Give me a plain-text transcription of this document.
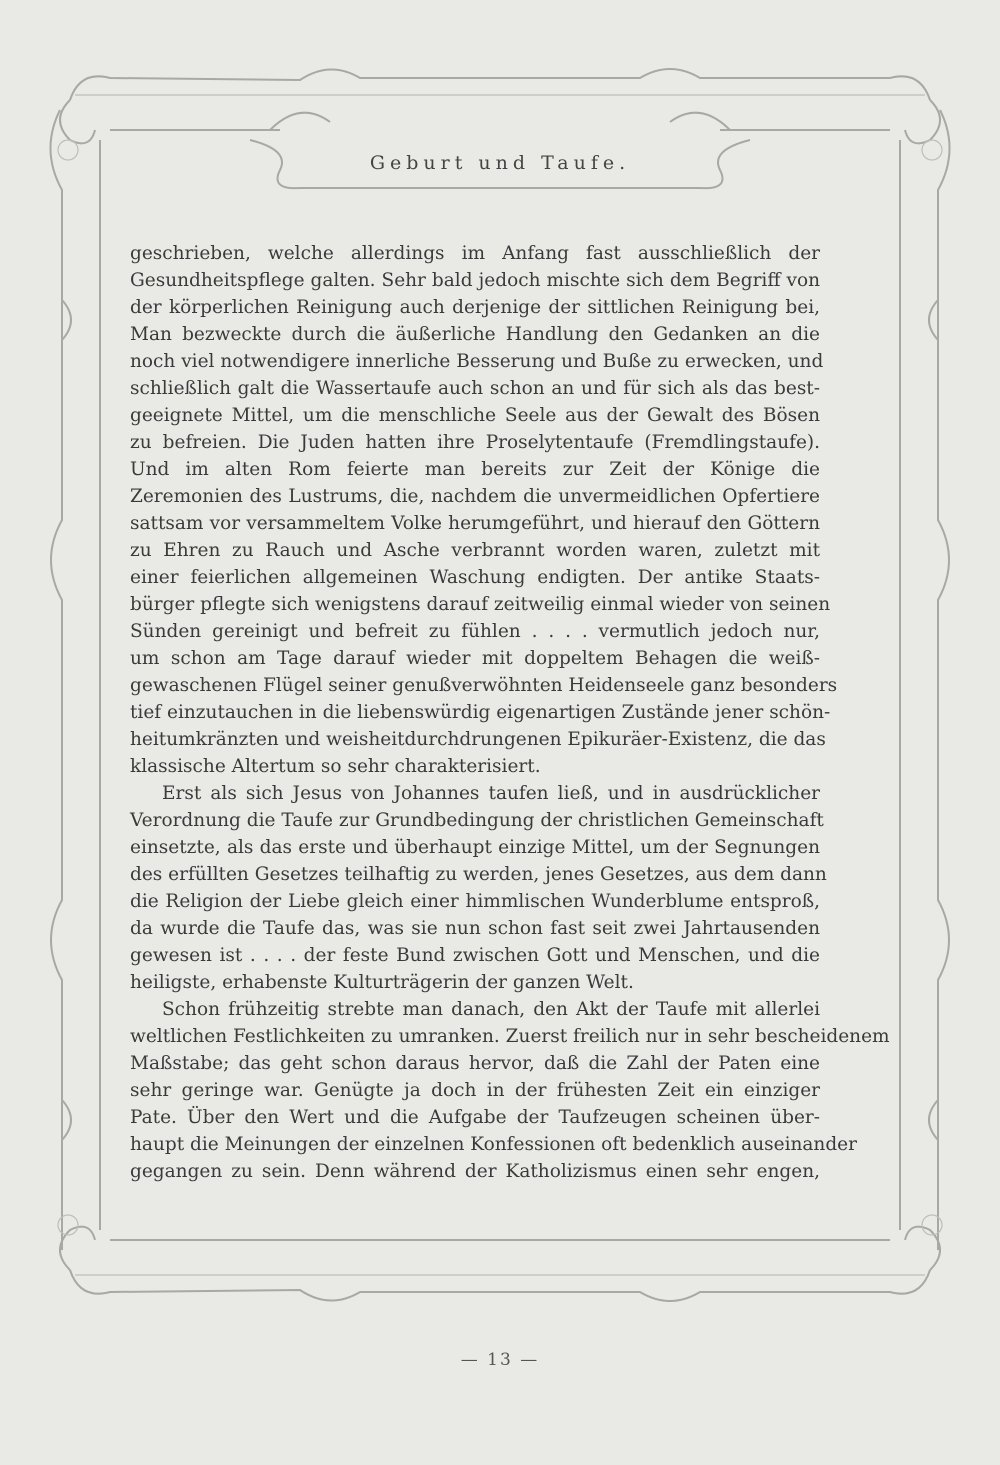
Geburt und Taufe.
geschrieben, welche allerdings im Anfang fast ausschließlich der
Gesundheitspflege galten. Sehr bald jedoch mischte sich dem Begriff von
der körperlichen Reinigung auch derjenige der sittlichen Reinigung bei,
Man bezweckte durch die äußerliche Handlung den Gedanken an die
noch viel notwendigere innerliche Besserung und Buße zu erwecken, und
schließlich galt die Wassertaufe auch schon an und für sich als das best-
geeignete Mittel, um die menschliche Seele aus der Gewalt des Bösen
zu befreien. Die Juden hatten ihre Proselytentaufe (Fremdlingstaufe).
Und im alten Rom feierte man bereits zur Zeit der Könige die
Zeremonien des Lustrums, die, nachdem die unvermeidlichen Opfertiere
sattsam vor versammeltem Volke herumgeführt, und hierauf den Göttern
zu Ehren zu Rauch und Asche verbrannt worden waren, zuletzt mit
einer feierlichen allgemeinen Waschung endigten. Der antike Staats-
bürger pflegte sich wenigstens darauf zeitweilig einmal wieder von seinen
Sünden gereinigt und befreit zu fühlen . . . . vermutlich jedoch nur,
um schon am Tage darauf wieder mit doppeltem Behagen die weiß-
gewaschenen Flügel seiner genußverwöhnten Heidenseele ganz besonders
tief einzutauchen in die liebenswürdig eigenartigen Zustände jener schön-
heitumkränzten und weisheitdurchdrungenen Epikuräer-Existenz, die das
klassische Altertum so sehr charakterisiert.
Erst als sich Jesus von Johannes taufen ließ, und in ausdrücklicher
Verordnung die Taufe zur Grundbedingung der christlichen Gemeinschaft
einsetzte, als das erste und überhaupt einzige Mittel, um der Segnungen
des erfüllten Gesetzes teilhaftig zu werden, jenes Gesetzes, aus dem dann
die Religion der Liebe gleich einer himmlischen Wunderblume entsproß,
da wurde die Taufe das, was sie nun schon fast seit zwei Jahrtausenden
gewesen ist . . . . der feste Bund zwischen Gott und Menschen, und die
heiligste, erhabenste Kulturträgerin der ganzen Welt.
Schon frühzeitig strebte man danach, den Akt der Taufe mit allerlei
weltlichen Festlichkeiten zu umranken. Zuerst freilich nur in sehr bescheidenem
Maßstabe; das geht schon daraus hervor, daß die Zahl der Paten eine
sehr geringe war. Genügte ja doch in der frühesten Zeit ein einziger
Pate. Über den Wert und die Aufgabe der Taufzeugen scheinen über-
haupt die Meinungen der einzelnen Konfessionen oft bedenklich auseinander
gegangen zu sein. Denn während der Katholizismus einen sehr engen,
— 13 —
